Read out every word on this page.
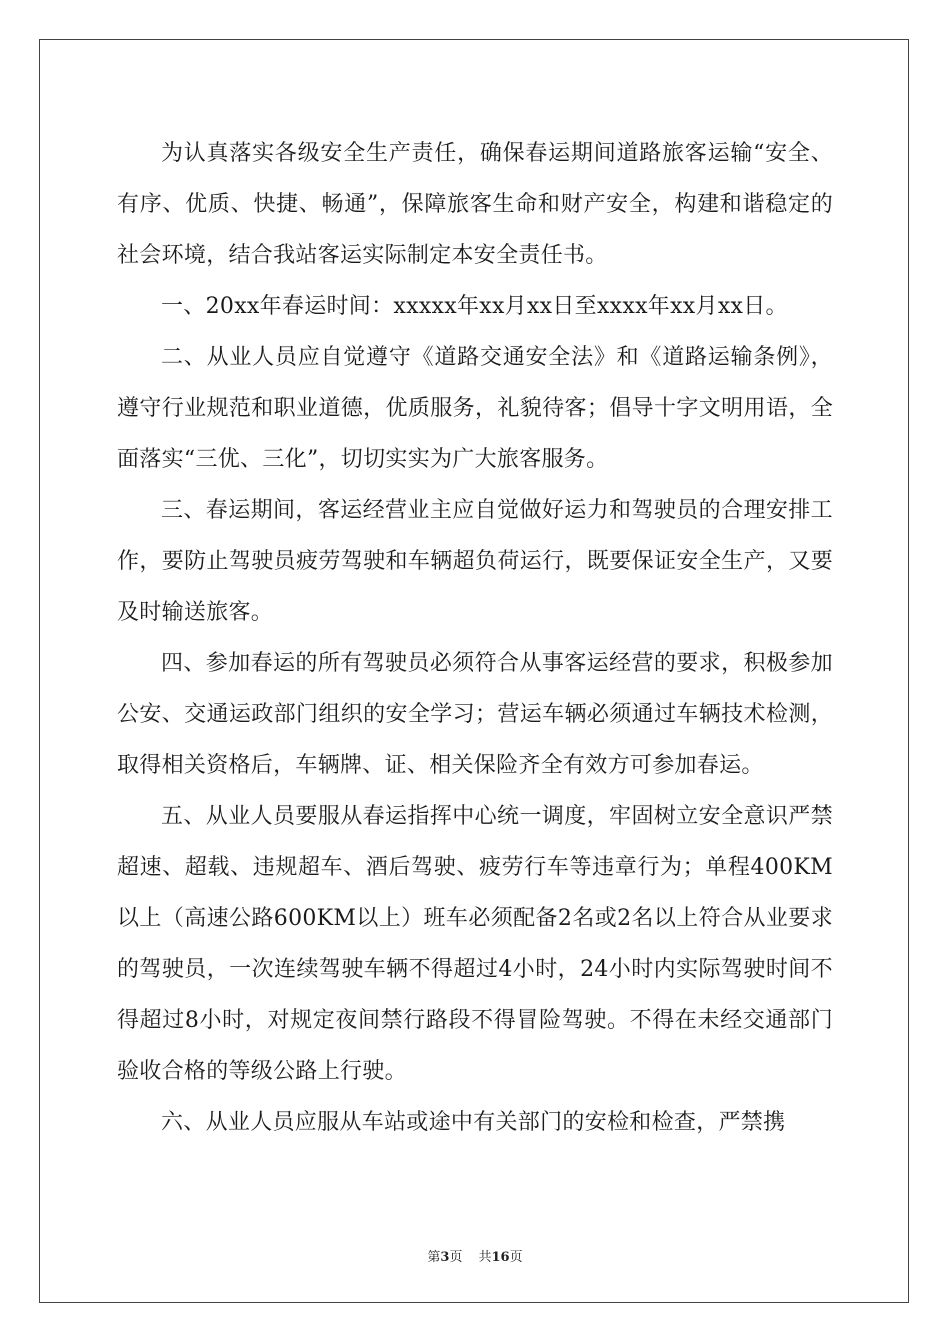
为认真落实各级安全生产责任，确保春运期间道路旅客运输“安全、有序、优质、快捷、畅通”，保障旅客生命和财产安全，构建和谐稳定的社会环境，结合我站客运实际制定本安全责任书。

一、20xx年春运时间：xxxxx年xx月xx日至xxxx年xx月xx日。

二、从业人员应自觉遵守《道路交通安全法》和《道路运输条例》，遵守行业规范和职业道德，优质服务，礼貌待客；倡导十字文明用语，全面落实“三优、三化”，切切实实为广大旅客服务。

三、春运期间，客运经营业主应自觉做好运力和驾驶员的合理安排工作，要防止驾驶员疲劳驾驶和车辆超负荷运行，既要保证安全生产，又要及时输送旅客。

四、参加春运的所有驾驶员必须符合从事客运经营的要求，积极参加公安、交通运政部门组织的安全学习；营运车辆必须通过车辆技术检测，取得相关资格后，车辆牌、证、相关保险齐全有效方可参加春运。

五、从业人员要服从春运指挥中心统一调度，牢固树立安全意识严禁超速、超载、违规超车、酒后驾驶、疲劳行车等违章行为；单程400KM以上（高速公路600KM以上）班车必须配备2名或2名以上符合从业要求的驾驶员，一次连续驾驶车辆不得超过4小时，24小时内实际驾驶时间不得超过8小时，对规定夜间禁行路段不得冒险驾驶。不得在未经交通部门验收合格的等级公路上行驶。

六、从业人员应服从车站或途中有关部门的安检和检查，严禁携

第3页 共16页
